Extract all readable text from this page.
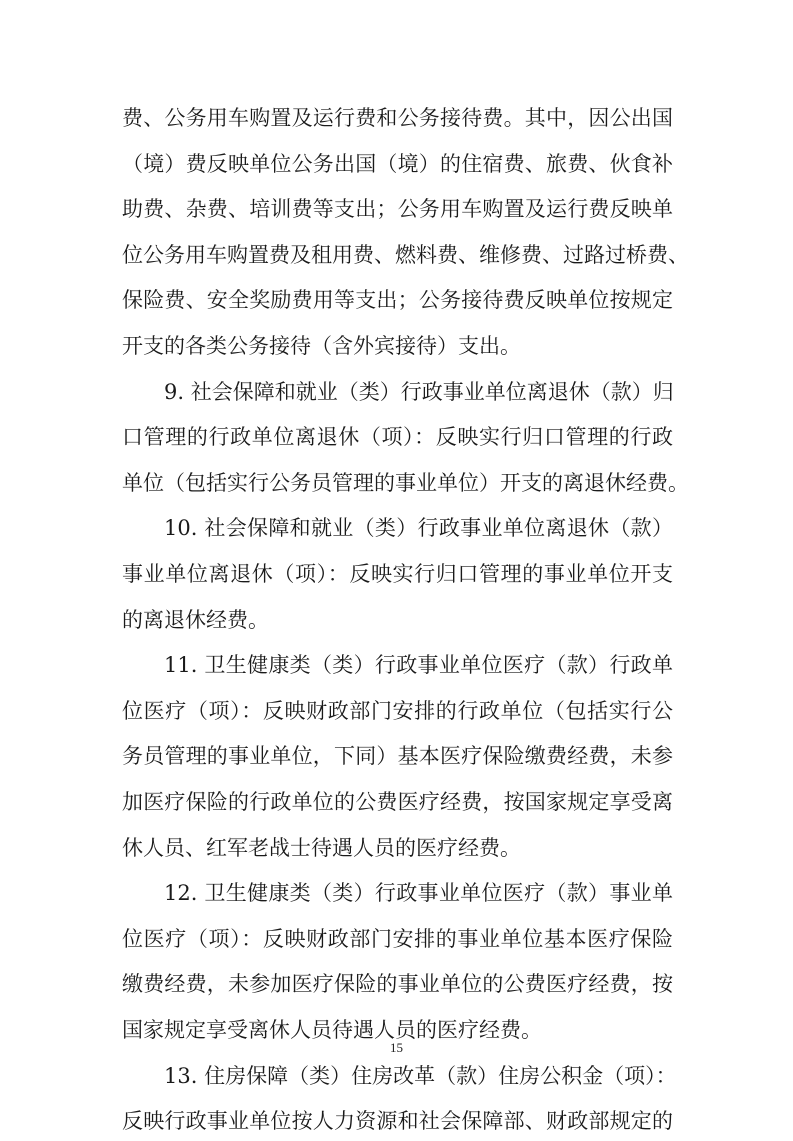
费、公务用车购置及运行费和公务接待费。其中，因公出国
（境）费反映单位公务出国（境）的住宿费、旅费、伙食补
助费、杂费、培训费等支出；公务用车购置及运行费反映单
位公务用车购置费及租用费、燃料费、维修费、过路过桥费、
保险费、安全奖励费用等支出；公务接待费反映单位按规定
开支的各类公务接待（含外宾接待）支出。
9. 社会保障和就业（类）行政事业单位离退休（款）归
口管理的行政单位离退休（项）：反映实行归口管理的行政
单位（包括实行公务员管理的事业单位）开支的离退休经费。
10. 社会保障和就业（类）行政事业单位离退休（款）
事业单位离退休（项）：反映实行归口管理的事业单位开支
的离退休经费。
11. 卫生健康类（类）行政事业单位医疗（款）行政单
位医疗（项）：反映财政部门安排的行政单位（包括实行公
务员管理的事业单位，下同）基本医疗保险缴费经费，未参
加医疗保险的行政单位的公费医疗经费，按国家规定享受离
休人员、红军老战士待遇人员的医疗经费。
12. 卫生健康类（类）行政事业单位医疗（款）事业单
位医疗（项）：反映财政部门安排的事业单位基本医疗保险
缴费经费，未参加医疗保险的事业单位的公费医疗经费，按
国家规定享受离休人员待遇人员的医疗经费。
13. 住房保障（类）住房改革（款）住房公积金（项）：
反映行政事业单位按人力资源和社会保障部、财政部规定的
15
